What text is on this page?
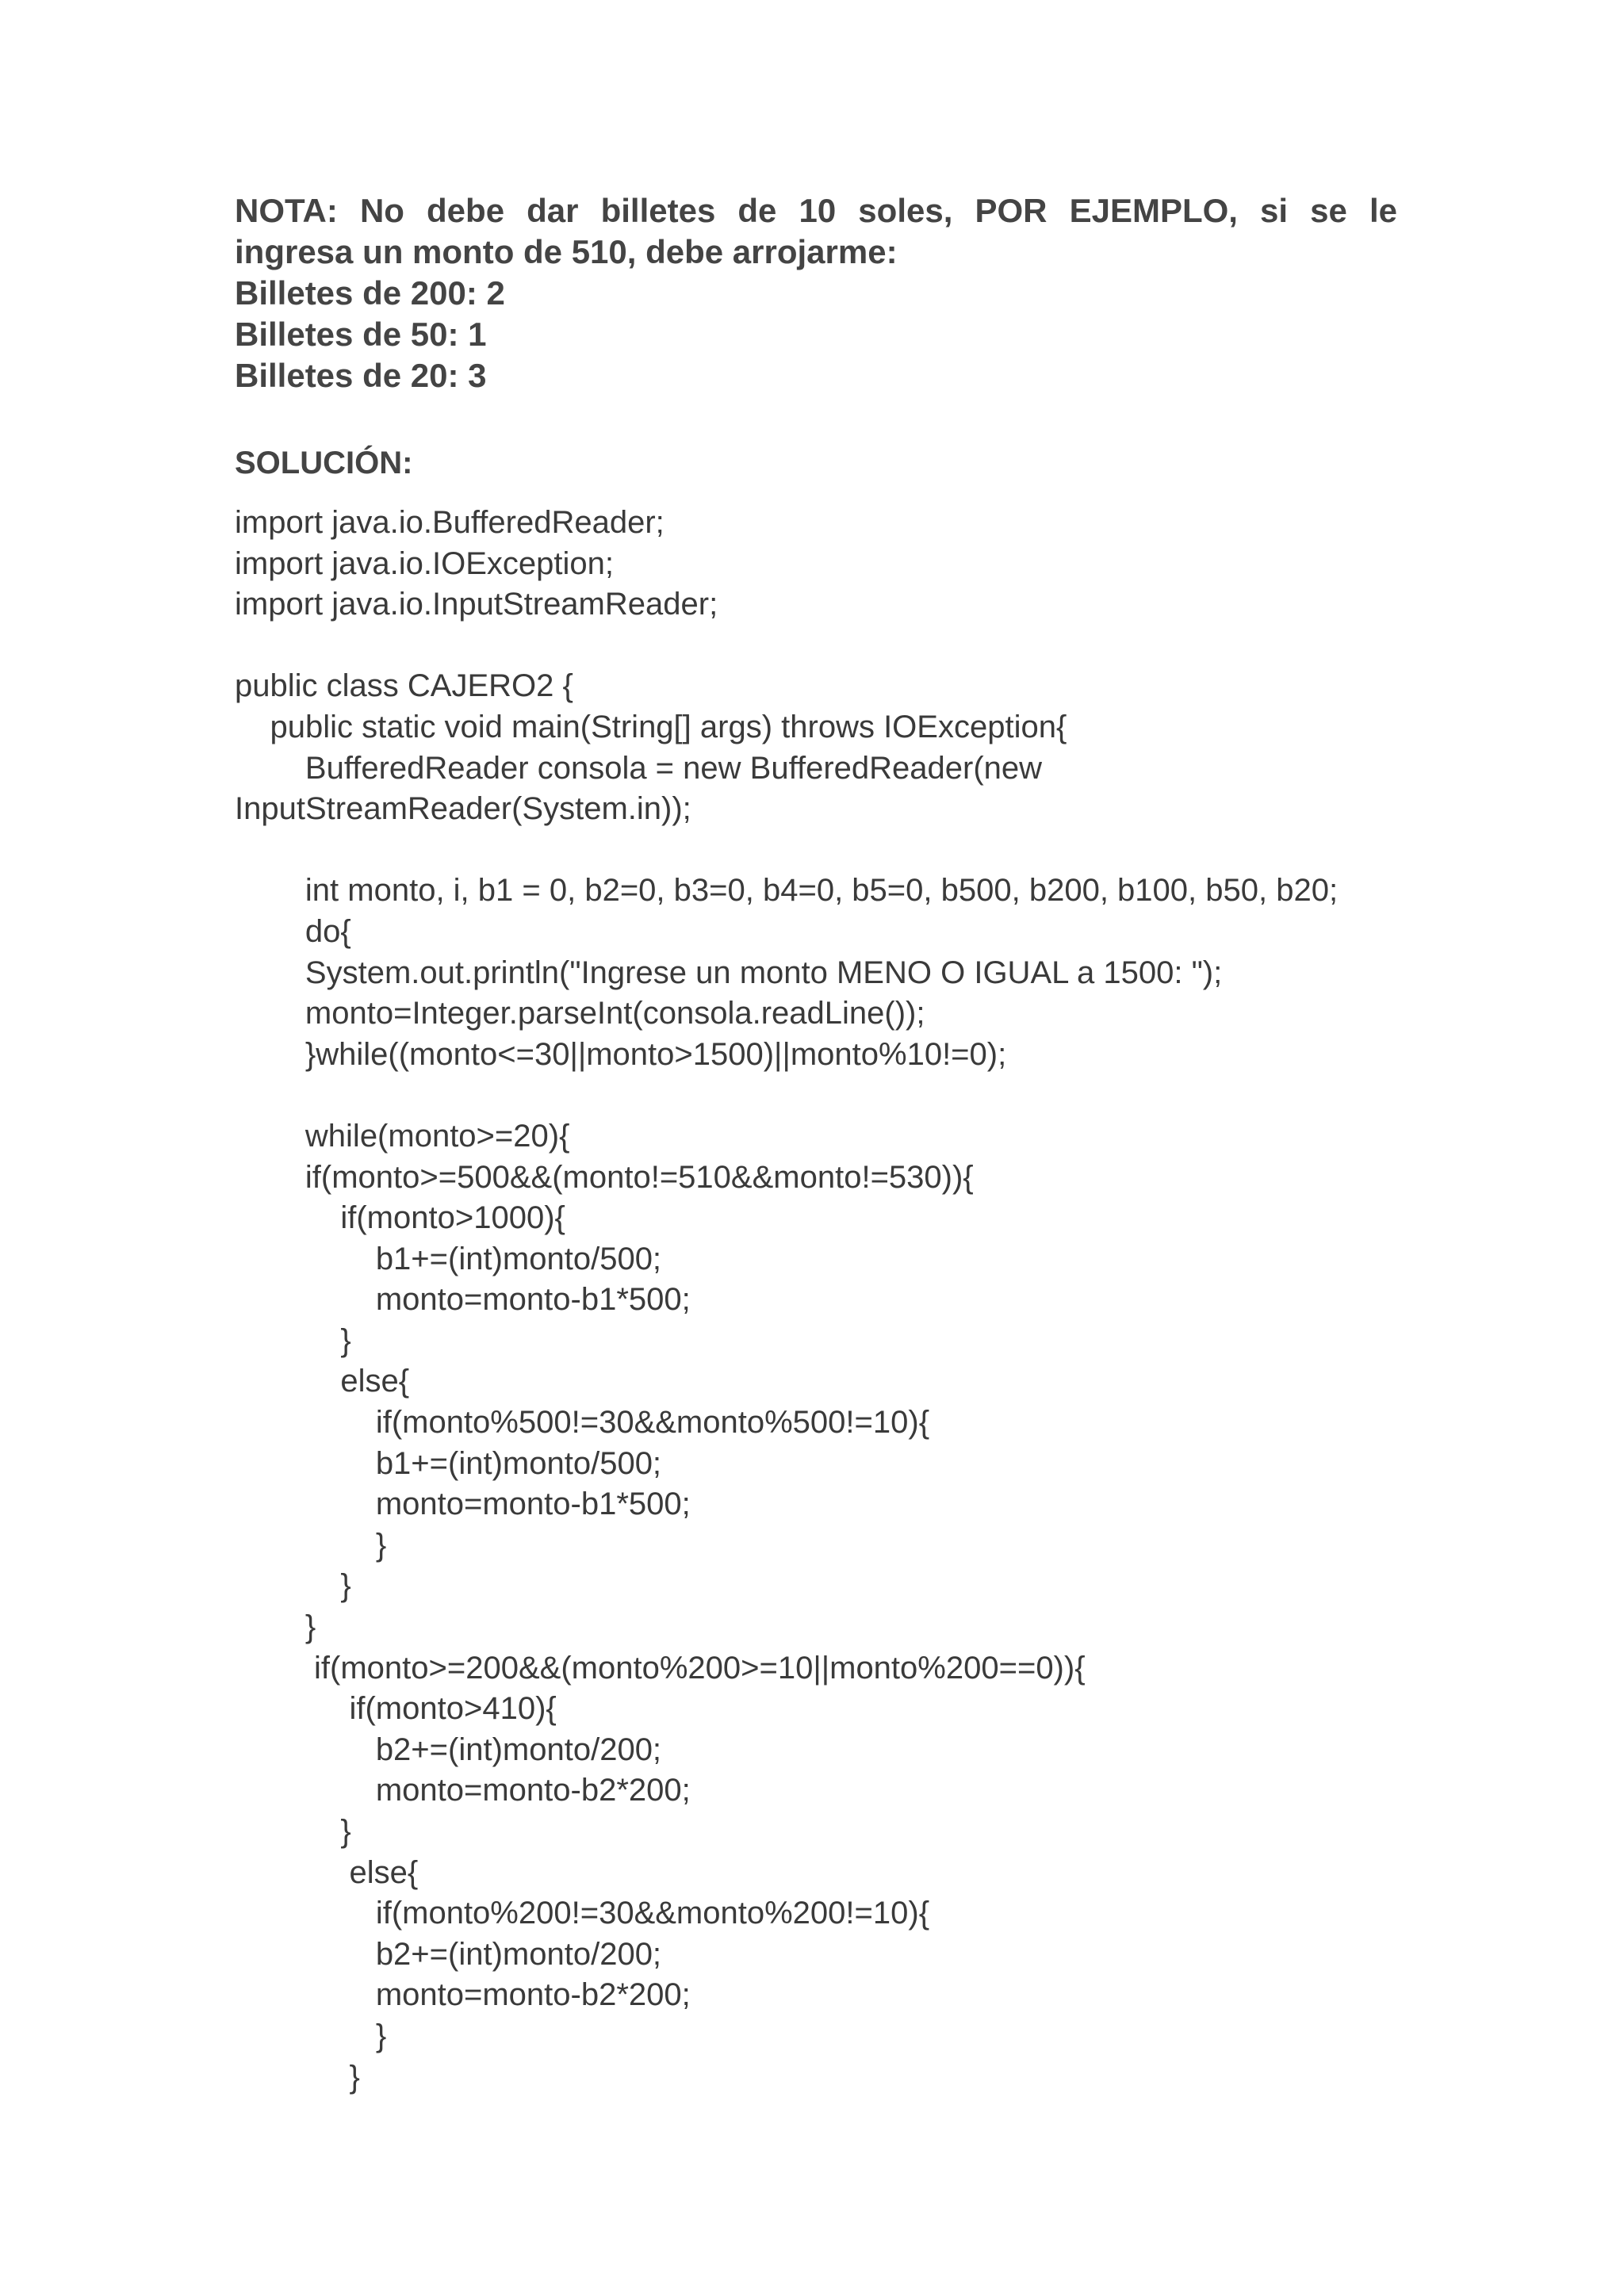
NOTA: No debe dar billetes de 10 soles, POR EJEMPLO, si se le
ingresa un monto de 510, debe arrojarme:
Billetes de 200: 2
Billetes de 50: 1
Billetes de 20: 3
SOLUCIÓN:
import java.io.BufferedReader;
import java.io.IOException;
import java.io.InputStreamReader;
public class CAJERO2 {
public static void main(String[] args) throws IOException{
BufferedReader consola = new BufferedReader(new
InputStreamReader(System.in));
int monto, i, b1 = 0, b2=0, b3=0, b4=0, b5=0, b500, b200, b100, b50, b20;
do{
System.out.println("Ingrese un monto MENO O IGUAL a 1500: ");
monto=Integer.parseInt(consola.readLine());
}while((monto<=30||monto>1500)||monto%10!=0);
while(monto>=20){
if(monto>=500&&(monto!=510&&monto!=530)){
if(monto>1000){
b1+=(int)monto/500;
monto=monto-b1*500;
}
else{
if(monto%500!=30&&monto%500!=10){
b1+=(int)monto/500;
monto=monto-b1*500;
}
}
}
if(monto>=200&&(monto%200>=10||monto%200==0)){
if(monto>410){
b2+=(int)monto/200;
monto=monto-b2*200;
}
else{
if(monto%200!=30&&monto%200!=10){
b2+=(int)monto/200;
monto=monto-b2*200;
}
}
